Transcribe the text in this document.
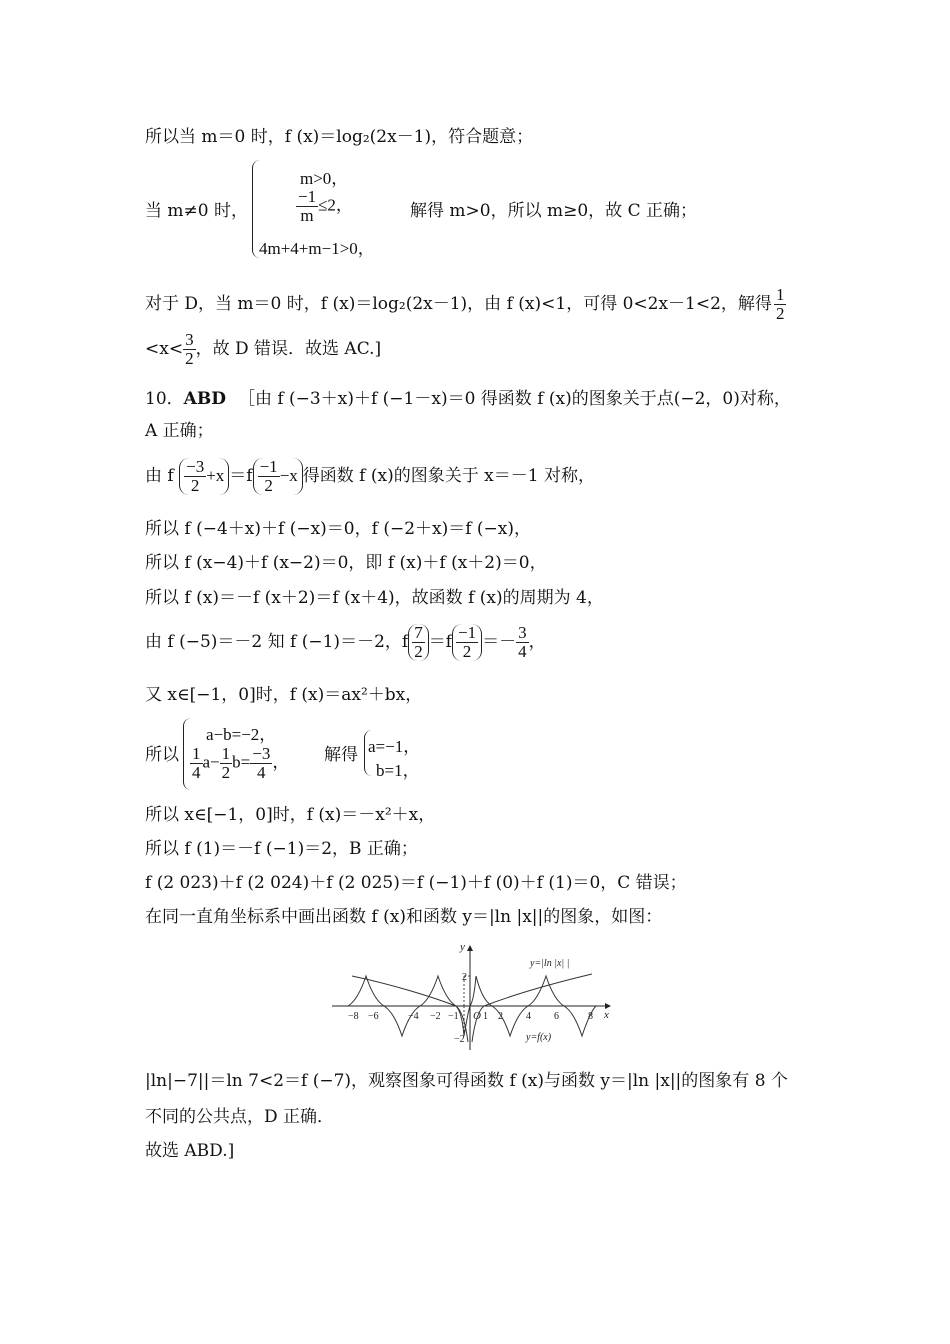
所以当 m＝0 时，f (x)＝log₂(2x－1)，符合题意；
当 m≠0 时，
m>0，
$\frac{-1}{m} \le 2$，
4m+4+m−1>0，
解得 m>0，所以 m≥0，故 C 正确；
对于 D，当 m＝0 时，f (x)＝log₂(2x－1)，由 f (x)<1，可得 0<2x－1<2，解得 $\frac{1}{2}$
$<x< \frac{3}{2}$ ，故 D 错误．故选 AC.]
10．ABD ［由 f (−3＋x)＋f (−1－x)＝0 得函数 f (x)的图象关于点(−2，0)对称，
A 正确；
由 f $\frac{-3}{2} +x =f \frac{-1}{2} -x$ 得函数 f (x)的图象关于 x＝－1 对称，
所以 f (−4＋x)＋f (−x)＝0，f (−2＋x)＝f (−x)，
所以 f (x−4)＋f (x−2)＝0，即 f (x)＋f (x＋2)＝0，
所以 f (x)＝－f (x＋2)＝f (x＋4)，故函数 f (x)的周期为 4，
由 f (−5)＝－2 知 f (−1)＝－2，f $\frac{7}{2} =f \frac{-1}{2} =- \frac{3}{4}$ ，
又 x∈[−1，0]时，f (x)＝ax²＋bx，
所以
a−b=−2，
$\frac{1}{4} a- \frac{1}{2} b= \frac{-3}{4}$ ， 解得 a=−1，
b=1，
所以 x∈[−1，0]时，f (x)＝－x²＋x，
所以 f (1)＝－f (−1)＝2，B 正确；
f (2 023)＋f (2 024)＋f (2 025)＝f (−1)＋f (0)＋f (1)＝0，C 错误；
在同一直角坐标系中画出函数 f (x)和函数 y＝|ln |x||的图象，如图：
y
x
O
2
−2
−8 −6	−4 −2 −1 1 2 4 6	8
y=|ln |x| |
y=f(x)
|ln|−7||＝ln 7<2＝f (−7)，观察图象可得函数 f (x)与函数 y＝|ln |x||的图象有 8 个
不同的公共点，D 正确．
故选 ABD.]
